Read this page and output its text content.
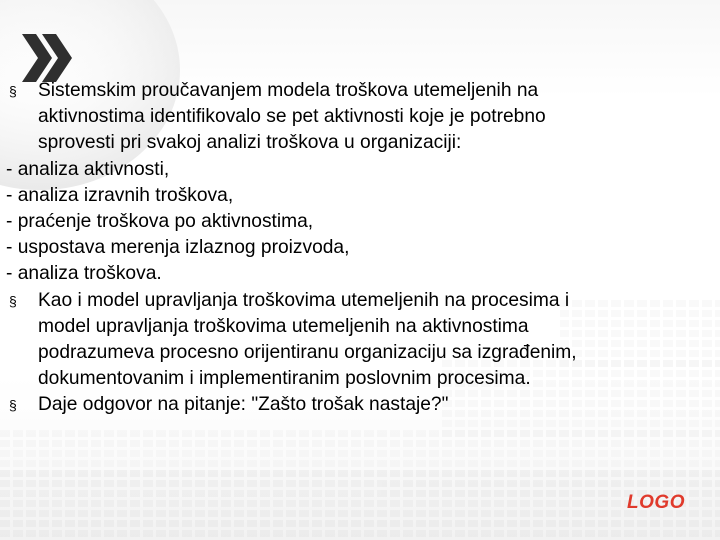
§ Sistemskim proučavanjem modela troškova utemeljenih na
aktivnostima identifikovalo se pet aktivnosti koje je potrebno
sprovesti pri svakoj analizi troškova u organizaciji:
- analiza aktivnosti,
- analiza izravnih troškova,
- praćenje troškova po aktivnostima,
- uspostava merenja izlaznog proizvoda,
- analiza troškova.
§ Kao i model upravljanja troškovima utemeljenih na procesima i
model upravljanja troškovima utemeljenih na aktivnostima
podrazumeva procesno orijentiranu organizaciju sa izgrađenim,
dokumentovanim i implementiranim poslovnim procesima.
§ Daje odgovor na pitanje: "Zašto trošak nastaje?"
LOGO
